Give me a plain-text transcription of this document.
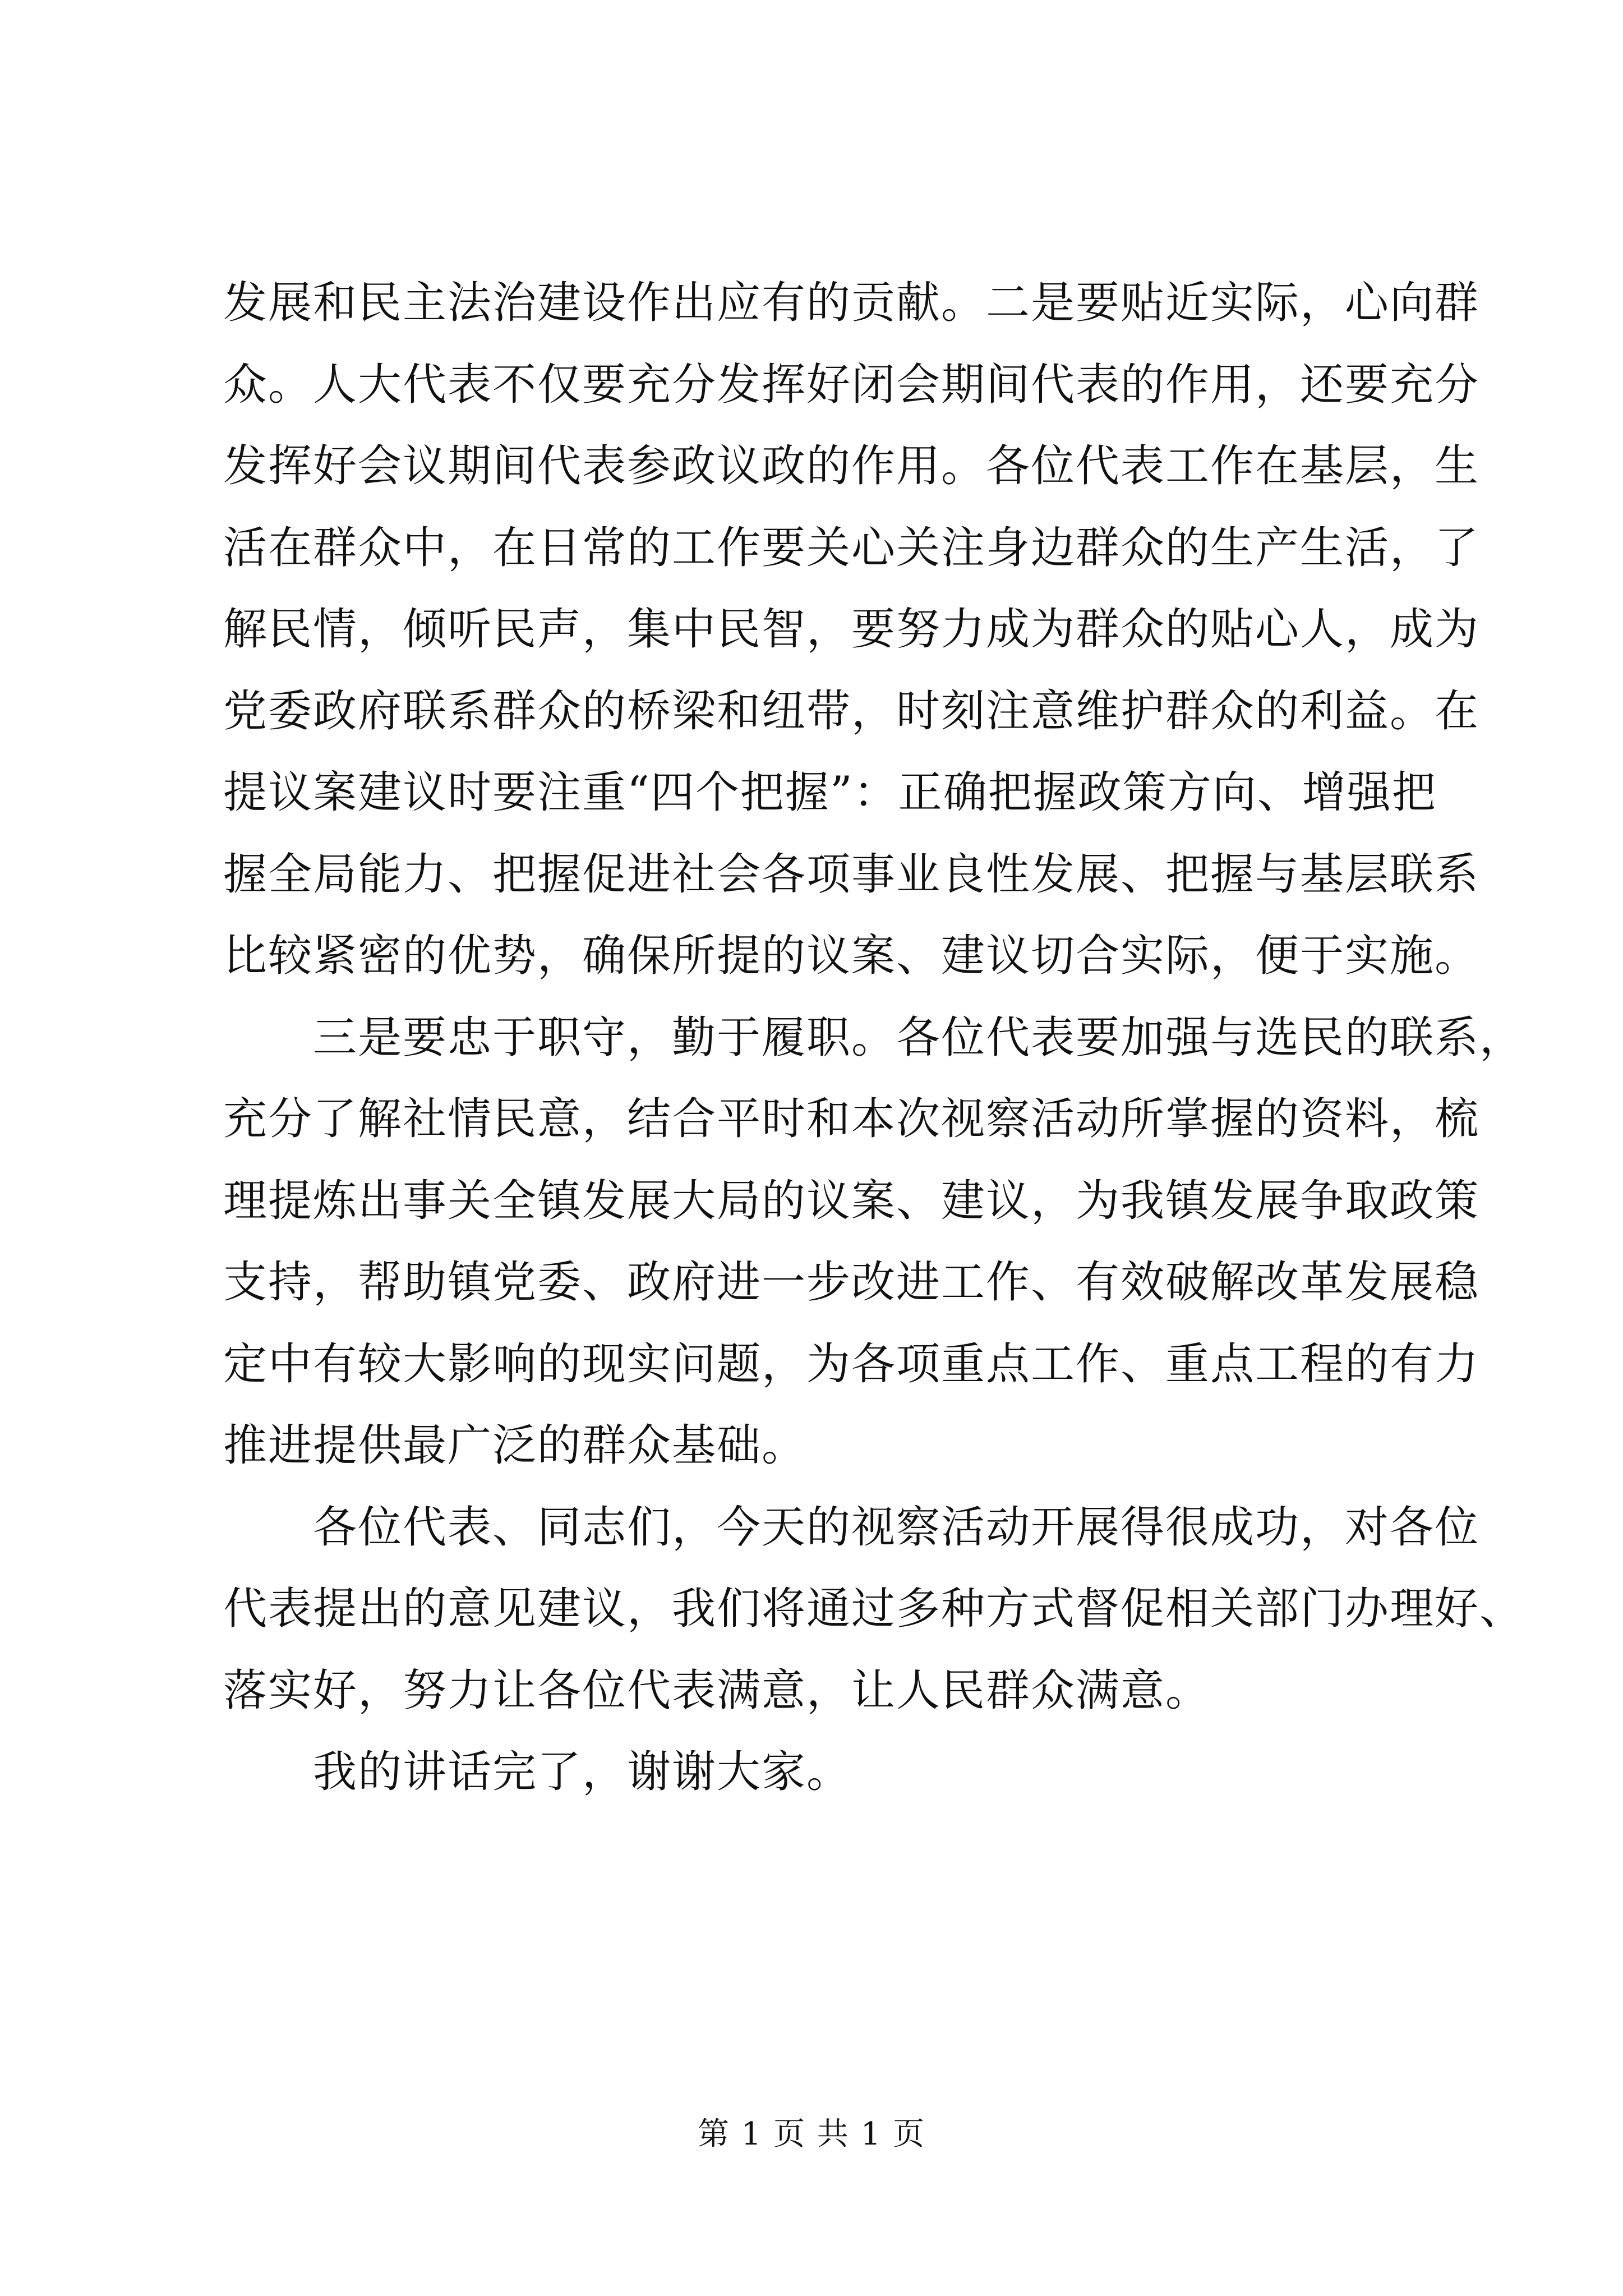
发展和民主法治建设作出应有的贡献。二是要贴近实际，心向群
众。人大代表不仅要充分发挥好闭会期间代表的作用，还要充分
发挥好会议期间代表参政议政的作用。各位代表工作在基层，生
活在群众中，在日常的工作要关心关注身边群众的生产生活，了
解民情，倾听民声，集中民智，要努力成为群众的贴心人，成为
党委政府联系群众的桥梁和纽带，时刻注意维护群众的利益。在
提议案建议时要注重“四个把握”：正确把握政策方向、增强把
握全局能力、把握促进社会各项事业良性发展、把握与基层联系
比较紧密的优势，确保所提的议案、建议切合实际，便于实施。
三是要忠于职守，勤于履职。各位代表要加强与选民的联系，
充分了解社情民意，结合平时和本次视察活动所掌握的资料，梳
理提炼出事关全镇发展大局的议案、建议，为我镇发展争取政策
支持，帮助镇党委、政府进一步改进工作、有效破解改革发展稳
定中有较大影响的现实问题，为各项重点工作、重点工程的有力
推进提供最广泛的群众基础。
各位代表、同志们，今天的视察活动开展得很成功，对各位
代表提出的意见建议，我们将通过多种方式督促相关部门办理好、
落实好，努力让各位代表满意，让人民群众满意。
我的讲话完了，谢谢大家。
第 1 页 共 1 页
